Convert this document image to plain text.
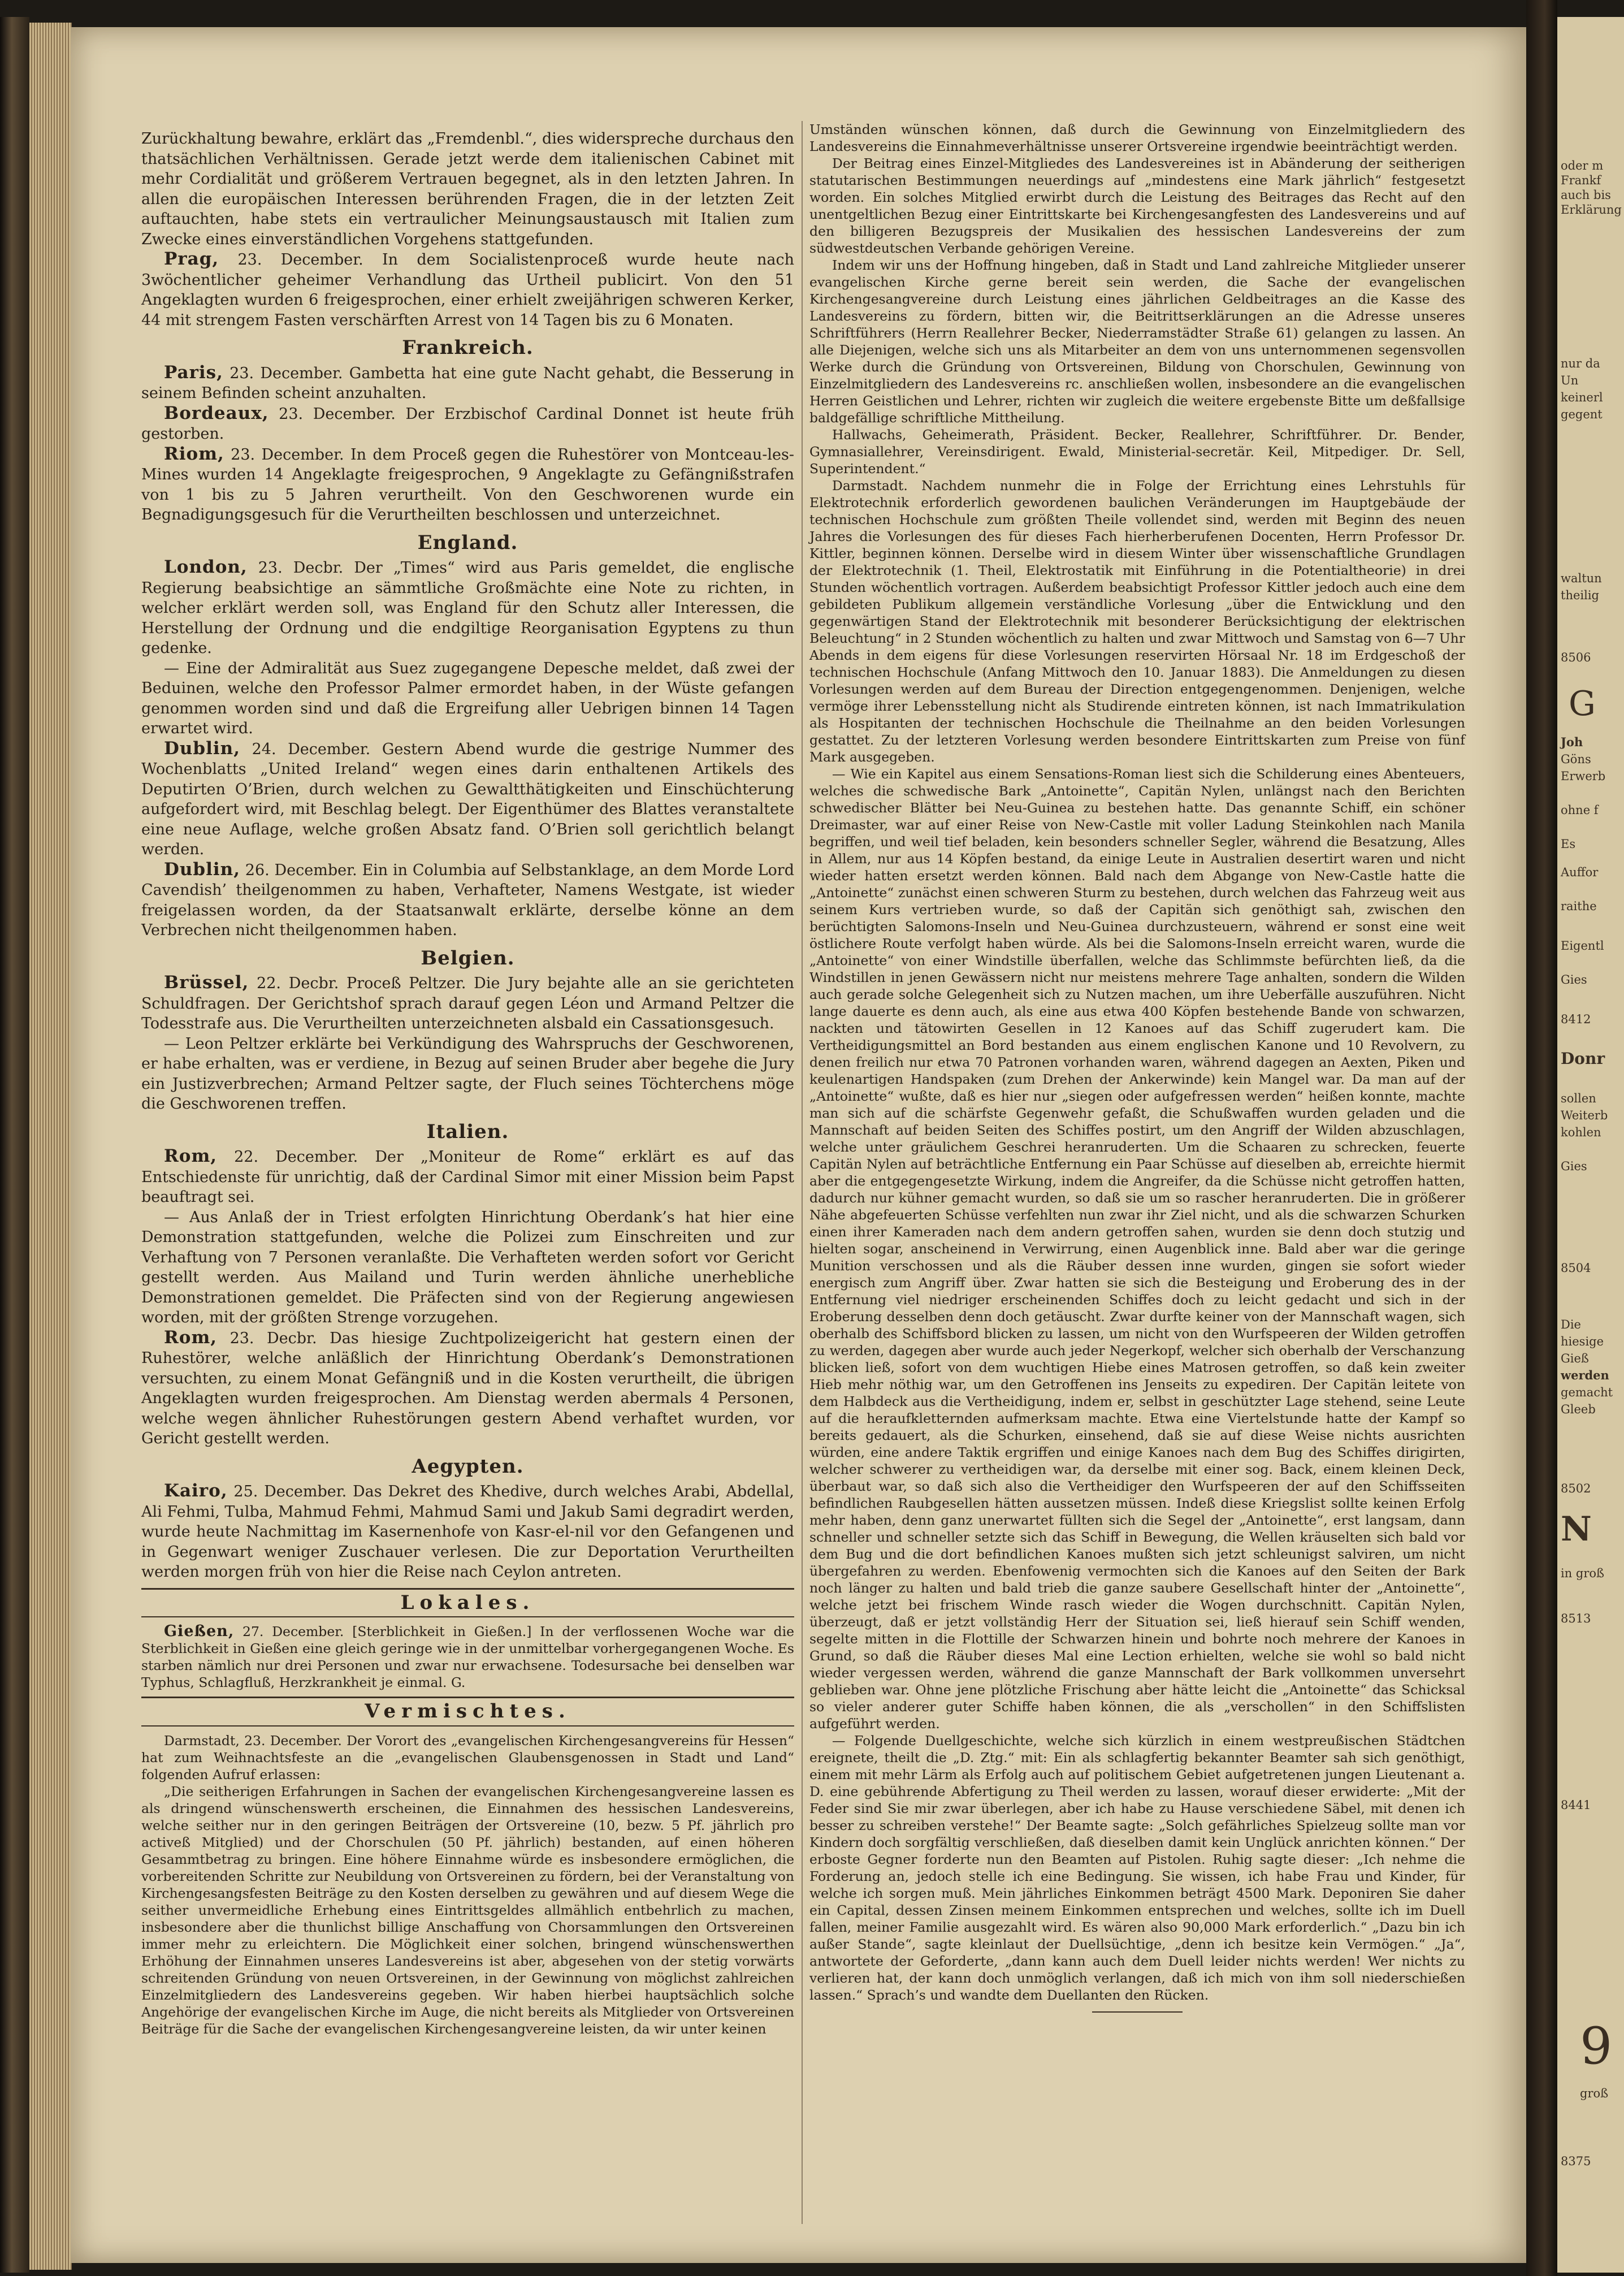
oder m
Frankf
auch bis
Erklärung
nur da
Un
keinerl
gegent
waltun
theilig
8506
G
Joh
Göns
Erwerb
ohne f
Es
Auffor
raithe
Eigentl
Gies
8412
Donr
sollen
Weiterb
kohlen
Gies
8504
Die
hiesige
Gieß
werden
gemacht
Gleeb
8502
N
in groß
8513
8441
9
groß
8375

Zurückhaltung bewahre, erklärt das „Fremdenbl.“, dies widerspreche durchaus den thatsächlichen Verhältnissen. Gerade jetzt werde dem italienischen Cabinet mit mehr Cordialität und größerem Vertrauen begegnet, als in den letzten Jahren. In allen die europäischen Interessen berührenden Fragen, die in der letzten Zeit auftauchten, habe stets ein vertraulicher Meinungsaustausch mit Italien zum Zwecke eines einverständlichen Vorgehens stattgefunden.

Prag, 23. December. In dem Socialistenproceß wurde heute nach 3wöchentlicher geheimer Verhandlung das Urtheil publicirt. Von den 51 Angeklagten wurden 6 freigesprochen, einer erhielt zweijährigen schweren Kerker, 44 mit strengem Fasten verschärften Arrest von 14 Tagen bis zu 6 Monaten.

Frankreich.

Paris, 23. December. Gambetta hat eine gute Nacht gehabt, die Besserung in seinem Befinden scheint anzuhalten.

Bordeaux, 23. December. Der Erzbischof Cardinal Donnet ist heute früh gestorben.

Riom, 23. December. In dem Proceß gegen die Ruhestörer von Montceau-les-Mines wurden 14 Angeklagte freigesprochen, 9 Angeklagte zu Gefängnißstrafen von 1 bis zu 5 Jahren verurtheilt. Von den Geschworenen wurde ein Begnadigungsgesuch für die Verurtheilten beschlossen und unterzeichnet.

England.

London, 23. Decbr. Der „Times“ wird aus Paris gemeldet, die englische Regierung beabsichtige an sämmtliche Großmächte eine Note zu richten, in welcher erklärt werden soll, was England für den Schutz aller Interessen, die Herstellung der Ordnung und die endgiltige Reorganisation Egyptens zu thun gedenke.

— Eine der Admiralität aus Suez zugegangene Depesche meldet, daß zwei der Beduinen, welche den Professor Palmer ermordet haben, in der Wüste gefangen genommen worden sind und daß die Ergreifung aller Uebrigen binnen 14 Tagen erwartet wird.

Dublin, 24. December. Gestern Abend wurde die gestrige Nummer des Wochenblatts „United Ireland“ wegen eines darin enthaltenen Artikels des Deputirten O’Brien, durch welchen zu Gewaltthätigkeiten und Einschüchterung aufgefordert wird, mit Beschlag belegt. Der Eigenthümer des Blattes veranstaltete eine neue Auflage, welche großen Absatz fand. O’Brien soll gerichtlich belangt werden.

Dublin, 26. December. Ein in Columbia auf Selbstanklage, an dem Morde Lord Cavendish’ theilgenommen zu haben, Verhafteter, Namens Westgate, ist wieder freigelassen worden, da der Staatsanwalt erklärte, derselbe könne an dem Verbrechen nicht theilgenommen haben.

Belgien.

Brüssel, 22. Decbr. Proceß Peltzer. Die Jury bejahte alle an sie gerichteten Schuldfragen. Der Gerichtshof sprach darauf gegen Léon und Armand Peltzer die Todesstrafe aus. Die Verurtheilten unterzeichneten alsbald ein Cassationsgesuch.

— Leon Peltzer erklärte bei Verkündigung des Wahrspruchs der Geschworenen, er habe erhalten, was er verdiene, in Bezug auf seinen Bruder aber begehe die Jury ein Justizverbrechen; Armand Peltzer sagte, der Fluch seines Töchterchens möge die Geschworenen treffen.

Italien.

Rom, 22. December. Der „Moniteur de Rome“ erklärt es auf das Entschiedenste für unrichtig, daß der Cardinal Simor mit einer Mission beim Papst beauftragt sei.

— Aus Anlaß der in Triest erfolgten Hinrichtung Oberdank’s hat hier eine Demonstration stattgefunden, welche die Polizei zum Einschreiten und zur Verhaftung von 7 Personen veranlaßte. Die Verhafteten werden sofort vor Gericht gestellt werden. Aus Mailand und Turin werden ähnliche unerhebliche Demonstrationen gemeldet. Die Präfecten sind von der Regierung angewiesen worden, mit der größten Strenge vorzugehen.

Rom, 23. Decbr. Das hiesige Zuchtpolizeigericht hat gestern einen der Ruhestörer, welche anläßlich der Hinrichtung Oberdank’s Demonstrationen versuchten, zu einem Monat Gefängniß und in die Kosten verurtheilt, die übrigen Angeklagten wurden freigesprochen. Am Dienstag werden abermals 4 Personen, welche wegen ähnlicher Ruhestörungen gestern Abend verhaftet wurden, vor Gericht gestellt werden.

Aegypten.

Kairo, 25. December. Das Dekret des Khedive, durch welches Arabi, Abdellal, Ali Fehmi, Tulba, Mahmud Fehmi, Mahmud Sami und Jakub Sami degradirt werden, wurde heute Nachmittag im Kasernenhofe von Kasr-el-nil vor den Gefangenen und in Gegenwart weniger Zuschauer verlesen. Die zur Deportation Verurtheilten werden morgen früh von hier die Reise nach Ceylon antreten.

Lokales.

Gießen, 27. December. [Sterblichkeit in Gießen.] In der verflossenen Woche war die Sterblichkeit in Gießen eine gleich geringe wie in der unmittelbar vorhergegangenen Woche. Es starben nämlich nur drei Personen und zwar nur erwachsene. Todesursache bei denselben war Typhus, Schlagfluß, Herzkrankheit je einmal. G.

Vermischtes.

Darmstadt, 23. December. Der Vorort des „evangelischen Kirchengesangvereins für Hessen“ hat zum Weihnachtsfeste an die „evangelischen Glaubensgenossen in Stadt und Land“ folgenden Aufruf erlassen:

„Die seitherigen Erfahrungen in Sachen der evangelischen Kirchengesangvereine lassen es als dringend wünschenswerth erscheinen, die Einnahmen des hessischen Landesvereins, welche seither nur in den geringen Beiträgen der Ortsvereine (10, bezw. 5 Pf. jährlich pro activeß Mitglied) und der Chorschulen (50 Pf. jährlich) bestanden, auf einen höheren Gesammtbetrag zu bringen. Eine höhere Einnahme würde es insbesondere ermöglichen, die vorbereitenden Schritte zur Neubildung von Ortsvereinen zu fördern, bei der Veranstaltung von Kirchengesangsfesten Beiträge zu den Kosten derselben zu gewähren und auf diesem Wege die seither unvermeidliche Erhebung eines Eintrittsgeldes allmählich entbehrlich zu machen, insbesondere aber die thunlichst billige Anschaffung von Chorsammlungen den Ortsvereinen immer mehr zu erleichtern. Die Möglichkeit einer solchen, bringend wünschenswerthen Erhöhung der Einnahmen unseres Landesvereins ist aber, abgesehen von der stetig vorwärts schreitenden Gründung von neuen Ortsvereinen, in der Gewinnung von möglichst zahlreichen Einzelmitgliedern des Landesvereins gegeben. Wir haben hierbei hauptsächlich solche Angehörige der evangelischen Kirche im Auge, die nicht bereits als Mitglieder von Ortsvereinen Beiträge für die Sache der evangelischen Kirchengesangvereine leisten, da wir unter keinen

Umständen wünschen können, daß durch die Gewinnung von Einzelmitgliedern des Landesvereins die Einnahmeverhältnisse unserer Ortsvereine irgendwie beeinträchtigt werden.

Der Beitrag eines Einzel-Mitgliedes des Landesvereines ist in Abänderung der seitherigen statutarischen Bestimmungen neuerdings auf „mindestens eine Mark jährlich“ festgesetzt worden. Ein solches Mitglied erwirbt durch die Leistung des Beitrages das Recht auf den unentgeltlichen Bezug einer Eintrittskarte bei Kirchengesangfesten des Landesvereins und auf den billigeren Bezugspreis der Musikalien des hessischen Landesvereins der zum südwestdeutschen Verbande gehörigen Vereine.

Indem wir uns der Hoffnung hingeben, daß in Stadt und Land zahlreiche Mitglieder unserer evangelischen Kirche gerne bereit sein werden, die Sache der evangelischen Kirchengesangvereine durch Leistung eines jährlichen Geldbeitrages an die Kasse des Landesvereins zu fördern, bitten wir, die Beitrittserklärungen an die Adresse unseres Schriftführers (Herrn Reallehrer Becker, Niederramstädter Straße 61) gelangen zu lassen. An alle Diejenigen, welche sich uns als Mitarbeiter an dem von uns unternommenen segensvollen Werke durch die Gründung von Ortsvereinen, Bildung von Chorschulen, Gewinnung von Einzelmitgliedern des Landesvereins rc. anschließen wollen, insbesondere an die evangelischen Herren Geistlichen und Lehrer, richten wir zugleich die weitere ergebenste Bitte um deßfallsige baldgefällige schriftliche Mittheilung.

Hallwachs, Geheimerath, Präsident. Becker, Reallehrer, Schriftführer. Dr. Bender, Gymnasiallehrer, Vereinsdirigent. Ewald, Ministerial-secretär. Keil, Mitpediger. Dr. Sell, Superintendent.“

Darmstadt. Nachdem nunmehr die in Folge der Errichtung eines Lehrstuhls für Elektrotechnik erforderlich gewordenen baulichen Veränderungen im Hauptgebäude der technischen Hochschule zum größten Theile vollendet sind, werden mit Beginn des neuen Jahres die Vorlesungen des für dieses Fach hierherberufenen Docenten, Herrn Professor Dr. Kittler, beginnen können. Derselbe wird in diesem Winter über wissenschaftliche Grundlagen der Elektrotechnik (1. Theil, Elektrostatik mit Einführung in die Potentialtheorie) in drei Stunden wöchentlich vortragen. Außerdem beabsichtigt Professor Kittler jedoch auch eine dem gebildeten Publikum allgemein verständliche Vorlesung „über die Entwicklung und den gegenwärtigen Stand der Elektrotechnik mit besonderer Berücksichtigung der elektrischen Beleuchtung“ in 2 Stunden wöchentlich zu halten und zwar Mittwoch und Samstag von 6—7 Uhr Abends in dem eigens für diese Vorlesungen reservirten Hörsaal Nr. 18 im Erdgeschoß der technischen Hochschule (Anfang Mittwoch den 10. Januar 1883). Die Anmeldungen zu diesen Vorlesungen werden auf dem Bureau der Direction entgegengenommen. Denjenigen, welche vermöge ihrer Lebensstellung nicht als Studirende eintreten können, ist nach Immatrikulation als Hospitanten der technischen Hochschule die Theilnahme an den beiden Vorlesungen gestattet. Zu der letzteren Vorlesung werden besondere Eintrittskarten zum Preise von fünf Mark ausgegeben.

— Wie ein Kapitel aus einem Sensations-Roman liest sich die Schilderung eines Abenteuers, welches die schwedische Bark „Antoinette“, Capitän Nylen, unlängst nach den Berichten schwedischer Blätter bei Neu-Guinea zu bestehen hatte. Das genannte Schiff, ein schöner Dreimaster, war auf einer Reise von New-Castle mit voller Ladung Steinkohlen nach Manila begriffen, und weil tief beladen, kein besonders schneller Segler, während die Besatzung, Alles in Allem, nur aus 14 Köpfen bestand, da einige Leute in Australien desertirt waren und nicht wieder hatten ersetzt werden können. Bald nach dem Abgange von New-Castle hatte die „Antoinette“ zunächst einen schweren Sturm zu bestehen, durch welchen das Fahrzeug weit aus seinem Kurs vertrieben wurde, so daß der Capitän sich genöthigt sah, zwischen den berüchtigten Salomons-Inseln und Neu-Guinea durchzusteuern, während er sonst eine weit östlichere Route verfolgt haben würde. Als bei die Salomons-Inseln erreicht waren, wurde die „Antoinette“ von einer Windstille überfallen, welche das Schlimmste befürchten ließ, da die Windstillen in jenen Gewässern nicht nur meistens mehrere Tage anhalten, sondern die Wilden auch gerade solche Gelegenheit sich zu Nutzen machen, um ihre Ueberfälle auszuführen. Nicht lange dauerte es denn auch, als eine aus etwa 400 Köpfen bestehende Bande von schwarzen, nackten und tätowirten Gesellen in 12 Kanoes auf das Schiff zugerudert kam. Die Vertheidigungsmittel an Bord bestanden aus einem englischen Kanone und 10 Revolvern, zu denen freilich nur etwa 70 Patronen vorhanden waren, während dagegen an Aexten, Piken und keulenartigen Handspaken (zum Drehen der Ankerwinde) kein Mangel war. Da man auf der „Antoinette“ wußte, daß es hier nur „siegen oder aufgefressen werden“ heißen konnte, machte man sich auf die schärfste Gegenwehr gefaßt, die Schußwaffen wurden geladen und die Mannschaft auf beiden Seiten des Schiffes postirt, um den Angriff der Wilden abzuschlagen, welche unter gräulichem Geschrei heranruderten. Um die Schaaren zu schrecken, feuerte Capitän Nylen auf beträchtliche Entfernung ein Paar Schüsse auf dieselben ab, erreichte hiermit aber die entgegengesetzte Wirkung, indem die Angreifer, da die Schüsse nicht getroffen hatten, dadurch nur kühner gemacht wurden, so daß sie um so rascher heranruderten. Die in größerer Nähe abgefeuerten Schüsse verfehlten nun zwar ihr Ziel nicht, und als die schwarzen Schurken einen ihrer Kameraden nach dem andern getroffen sahen, wurden sie denn doch stutzig und hielten sogar, anscheinend in Verwirrung, einen Augenblick inne. Bald aber war die geringe Munition verschossen und als die Räuber dessen inne wurden, gingen sie sofort wieder energisch zum Angriff über. Zwar hatten sie sich die Besteigung und Eroberung des in der Entfernung viel niedriger erscheinenden Schiffes doch zu leicht gedacht und sich in der Eroberung desselben denn doch getäuscht. Zwar durfte keiner von der Mannschaft wagen, sich oberhalb des Schiffsbord blicken zu lassen, um nicht von den Wurfspeeren der Wilden getroffen zu werden, dagegen aber wurde auch jeder Negerkopf, welcher sich oberhalb der Verschanzung blicken ließ, sofort von dem wuchtigen Hiebe eines Matrosen getroffen, so daß kein zweiter Hieb mehr nöthig war, um den Getroffenen ins Jenseits zu expediren. Der Capitän leitete von dem Halbdeck aus die Vertheidigung, indem er, selbst in geschützter Lage stehend, seine Leute auf die heraufkletternden aufmerksam machte. Etwa eine Viertelstunde hatte der Kampf so bereits gedauert, als die Schurken, einsehend, daß sie auf diese Weise nichts ausrichten würden, eine andere Taktik ergriffen und einige Kanoes nach dem Bug des Schiffes dirigirten, welcher schwerer zu vertheidigen war, da derselbe mit einer sog. Back, einem kleinen Deck, überbaut war, so daß sich also die Vertheidiger den Wurfspeeren der auf den Schiffsseiten befindlichen Raubgesellen hätten aussetzen müssen. Indeß diese Kriegslist sollte keinen Erfolg mehr haben, denn ganz unerwartet füllten sich die Segel der „Antoinette“, erst langsam, dann schneller und schneller setzte sich das Schiff in Bewegung, die Wellen kräuselten sich bald vor dem Bug und die dort befindlichen Kanoes mußten sich jetzt schleunigst salviren, um nicht übergefahren zu werden. Ebenfowenig vermochten sich die Kanoes auf den Seiten der Bark noch länger zu halten und bald trieb die ganze saubere Gesellschaft hinter der „Antoinette“, welche jetzt bei frischem Winde rasch wieder die Wogen durchschnitt. Capitän Nylen, überzeugt, daß er jetzt vollständig Herr der Situation sei, ließ hierauf sein Schiff wenden, segelte mitten in die Flottille der Schwarzen hinein und bohrte noch mehrere der Kanoes in Grund, so daß die Räuber dieses Mal eine Lection erhielten, welche sie wohl so bald nicht wieder vergessen werden, während die ganze Mannschaft der Bark vollkommen unversehrt geblieben war. Ohne jene plötzliche Frischung aber hätte leicht die „Antoinette“ das Schicksal so vieler anderer guter Schiffe haben können, die als „verschollen“ in den Schiffslisten aufgeführt werden.

— Folgende Duellgeschichte, welche sich kürzlich in einem westpreußischen Städtchen ereignete, theilt die „D. Ztg.“ mit: Ein als schlagfertig bekannter Beamter sah sich genöthigt, einem mit mehr Lärm als Erfolg auch auf politischem Gebiet aufgetretenen jungen Lieutenant a. D. eine gebührende Abfertigung zu Theil werden zu lassen, worauf dieser erwiderte: „Mit der Feder sind Sie mir zwar überlegen, aber ich habe zu Hause verschiedene Säbel, mit denen ich besser zu schreiben verstehe!“ Der Beamte sagte: „Solch gefährliches Spielzeug sollte man vor Kindern doch sorgfältig verschließen, daß dieselben damit kein Unglück anrichten können.“ Der erboste Gegner forderte nun den Beamten auf Pistolen. Ruhig sagte dieser: „Ich nehme die Forderung an, jedoch stelle ich eine Bedingung. Sie wissen, ich habe Frau und Kinder, für welche ich sorgen muß. Mein jährliches Einkommen beträgt 4500 Mark. Deponiren Sie daher ein Capital, dessen Zinsen meinem Einkommen entsprechen und welches, sollte ich im Duell fallen, meiner Familie ausgezahlt wird. Es wären also 90,000 Mark erforderlich.“ „Dazu bin ich außer Stande“, sagte kleinlaut der Duellsüchtige, „denn ich besitze kein Vermögen.“ „Ja“, antwortete der Geforderte, „dann kann auch dem Duell leider nichts werden! Wer nichts zu verlieren hat, der kann doch unmöglich verlangen, daß ich mich von ihm soll niederschießen lassen.“ Sprach’s und wandte dem Duellanten den Rücken.
